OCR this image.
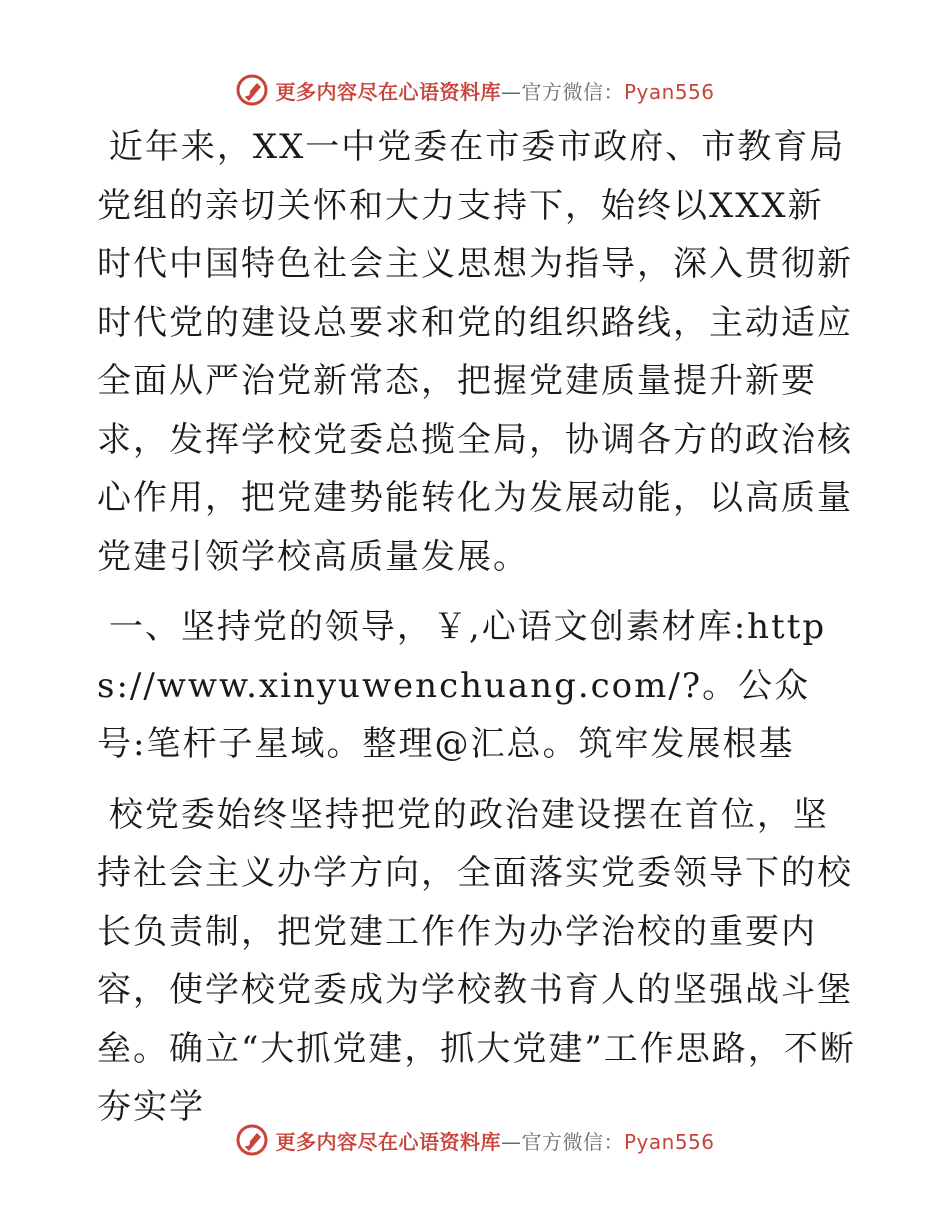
更多内容尽在心语资料库—官方微信：Pyan556

近年来，XX一中党委在市委市政府、市教育局党组的亲切关怀和大力支持下，始终以XXX新时代中国特色社会主义思想为指导，深入贯彻新时代党的建设总要求和党的组织路线，主动适应全面从严治党新常态，把握党建质量提升新要求，发挥学校党委总揽全局，协调各方的政治核心作用，把党建势能转化为发展动能，以高质量党建引领学校高质量发展。

一、坚持党的领导，￥,心语文创素材库:https://www.xinyuwenchuang.com/?。公众号:笔杆子星域。整理@汇总。筑牢发展根基

校党委始终坚持把党的政治建设摆在首位，坚持社会主义办学方向，全面落实党委领导下的校长负责制，把党建工作作为办学治校的重要内容，使学校党委成为学校教书育人的坚强战斗堡垒。确立“大抓党建，抓大党建”工作思路，不断夯实学

更多内容尽在心语资料库—官方微信：Pyan556
